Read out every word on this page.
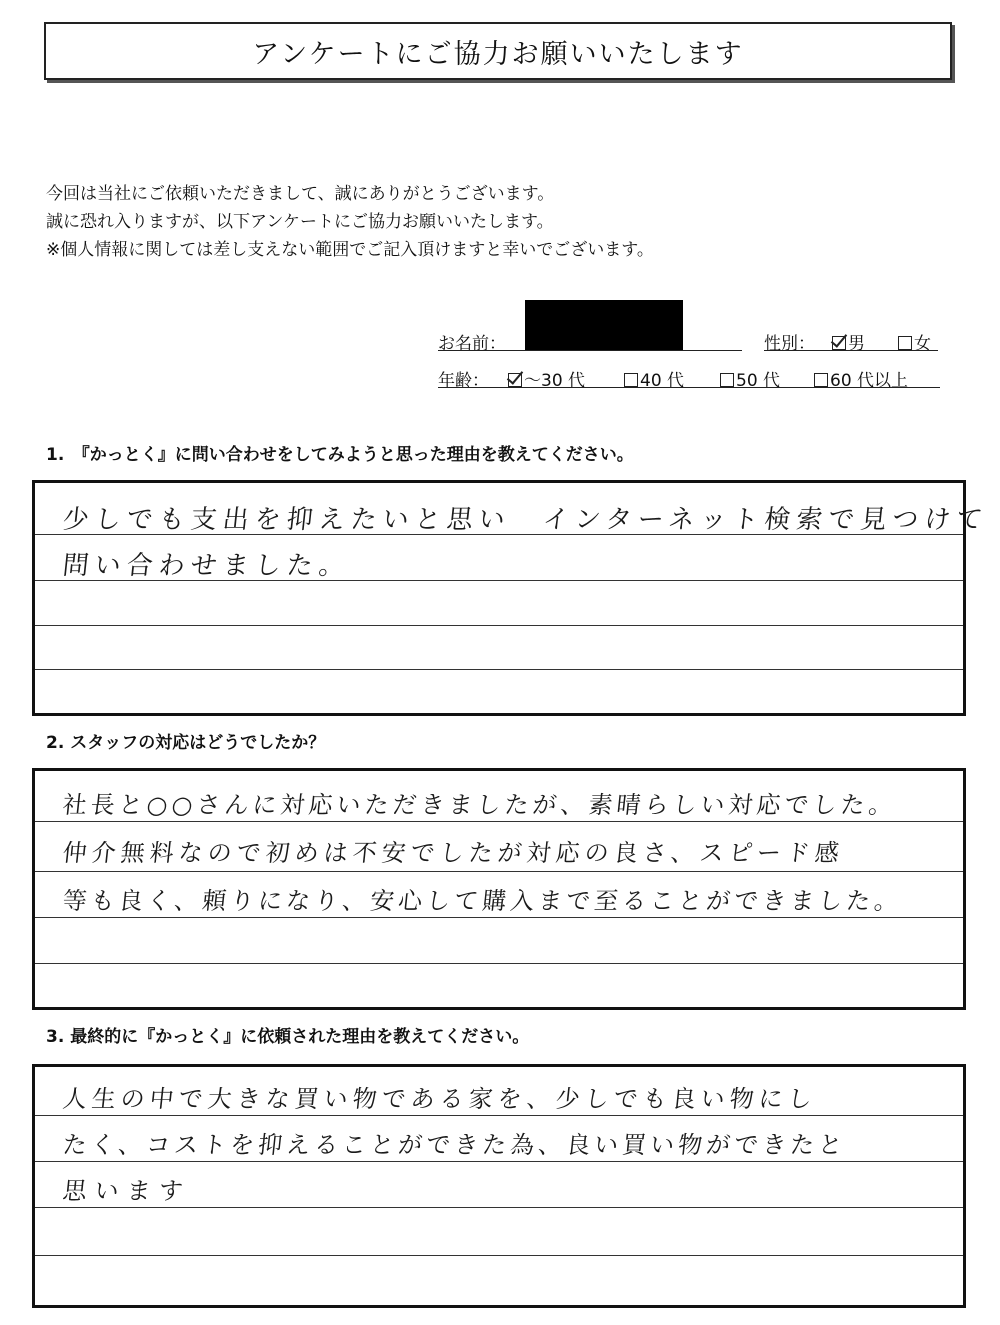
アンケートにご協力お願いいたします
今回は当社にご依頼いただきまして、誠にありがとうございます。
誠に恐れ入りますが、以下アンケートにご協力お願いいたします。
※個人情報に関しては差し支えない範囲でご記入頂けますと幸いでございます。
お名前：	性別：	男	女
年齢：	～30 代	40 代	50 代	60 代以上
1.　『かっとく』に問い合わせをしてみようと思った理由を教えてください。
少しでも支出を抑えたいと思い　インターネット検索で見つけて
問い合わせました。
2. スタッフの対応はどうでしたか？
社長と○○さんに対応いただきましたが、素晴らしい対応でした。
仲介無料なので初めは不安でしたが対応の良さ、スピード感
等も良く、頼りになり、安心して購入まで至ることができました。
3. 最終的に『かっとく』に依頼された理由を教えてください。
人生の中で大きな買い物である家を、少しでも良い物にし
たく、コストを抑えることができた為、良い買い物ができたと
思います
